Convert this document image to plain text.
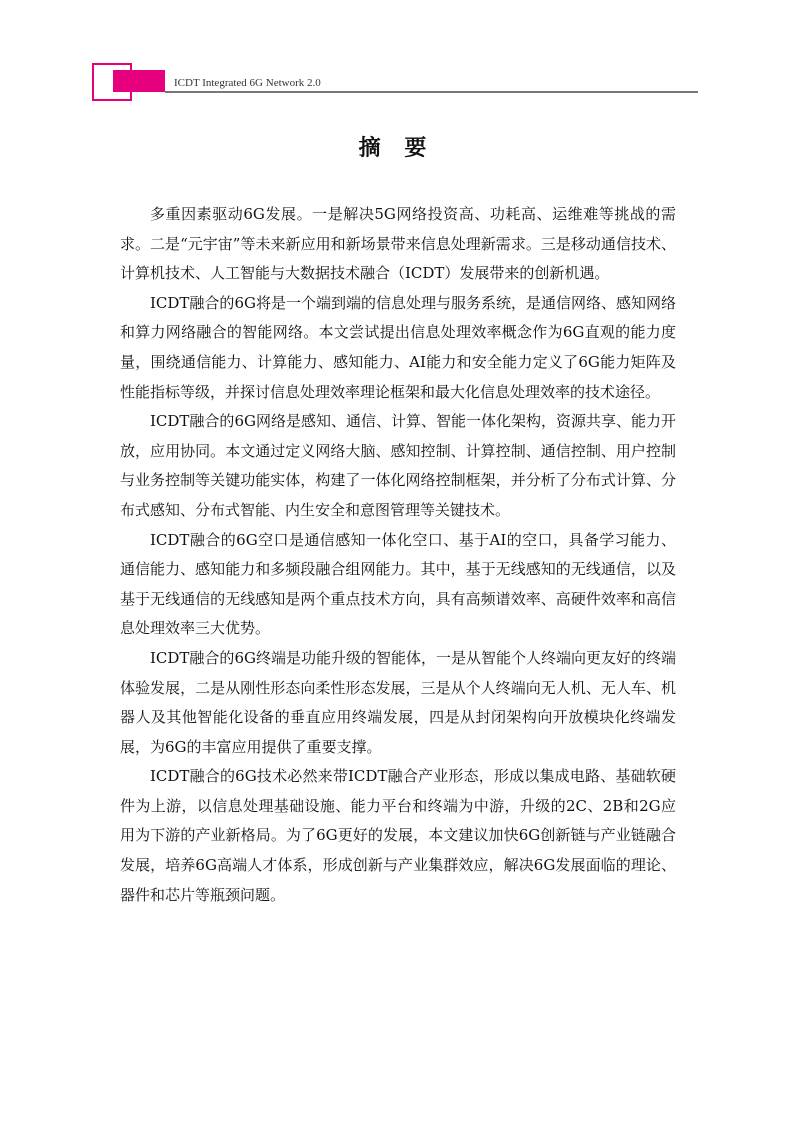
ICDT Integrated 6G Network 2.0
摘 要

多重因素驱动6G发展。一是解决5G网络投资高、功耗高、运维难等挑战的需求。二是“元宇宙”等未来新应用和新场景带来信息处理新需求。三是移动通信技术、计算机技术、人工智能与大数据技术融合（ICDT）发展带来的创新机遇。

ICDT融合的6G将是一个端到端的信息处理与服务系统，是通信网络、感知网络和算力网络融合的智能网络。本文尝试提出信息处理效率概念作为6G直观的能力度量，围绕通信能力、计算能力、感知能力、AI能力和安全能力定义了6G能力矩阵及性能指标等级，并探讨信息处理效率理论框架和最大化信息处理效率的技术途径。

ICDT融合的6G网络是感知、通信、计算、智能一体化架构，资源共享、能力开放，应用协同。本文通过定义网络大脑、感知控制、计算控制、通信控制、用户控制与业务控制等关键功能实体，构建了一体化网络控制框架，并分析了分布式计算、分布式感知、分布式智能、内生安全和意图管理等关键技术。

ICDT融合的6G空口是通信感知一体化空口、基于AI的空口，具备学习能力、通信能力、感知能力和多频段融合组网能力。其中，基于无线感知的无线通信，以及基于无线通信的无线感知是两个重点技术方向，具有高频谱效率、高硬件效率和高信息处理效率三大优势。

ICDT融合的6G终端是功能升级的智能体，一是从智能个人终端向更友好的终端体验发展，二是从刚性形态向柔性形态发展，三是从个人终端向无人机、无人车、机器人及其他智能化设备的垂直应用终端发展，四是从封闭架构向开放模块化终端发展，为6G的丰富应用提供了重要支撑。

ICDT融合的6G技术必然来带ICDT融合产业形态，形成以集成电路、基础软硬件为上游，以信息处理基础设施、能力平台和终端为中游，升级的2C、2B和2G应用为下游的产业新格局。为了6G更好的发展，本文建议加快6G创新链与产业链融合发展，培养6G高端人才体系，形成创新与产业集群效应，解决6G发展面临的理论、器件和芯片等瓶颈问题。
